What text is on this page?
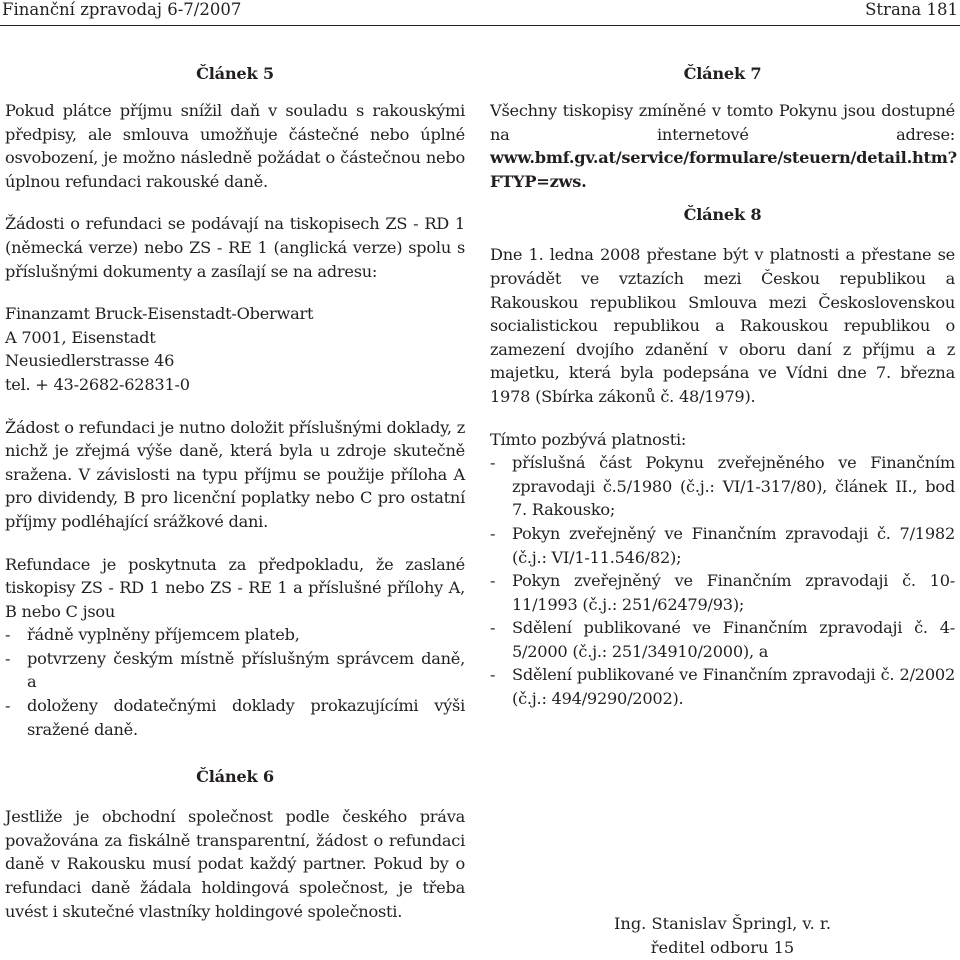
Finanční zpravodaj 6-7/2007	Strana 181
Článek 5

Pokud plátce příjmu snížil daň v souladu s rakouskými předpisy, ale smlouva umožňuje částečné nebo úplné osvobození, je možno následně požádat o částečnou nebo úplnou refundaci rakouské daně.

Žádosti o refundaci se podávají na tiskopisech ZS - RD 1 (německá verze) nebo ZS - RE 1 (anglická verze) spolu s příslušnými dokumenty a zasílají se na adresu:

Finanzamt Bruck-Eisenstadt-Oberwart
A 7001, Eisenstadt
Neusiedlerstrasse 46
tel. + 43-2682-62831-0

Žádost o refundaci je nutno doložit příslušnými doklady, z nichž je zřejmá výše daně, která byla u zdroje skutečně sražena. V závislosti na typu příjmu se použije příloha A pro dividendy, B pro licenční poplatky nebo C pro ostatní příjmy podléhající srážkové dani.

Refundace je poskytnuta za předpokladu, že zaslané tiskopisy ZS - RD 1 nebo ZS - RE 1 a příslušné přílohy A, B nebo C jsou

-	řádně vyplněny příjemcem plateb,
-	potvrzeny českým místně příslušným správcem daně, a
-	doloženy dodatečnými doklady prokazujícími výši sražené daně.
Článek 6

Jestliže je obchodní společnost podle českého práva považována za fiskálně transparentní, žádost o refundaci daně v Rakousku musí podat každý partner. Pokud by o refundaci daně žádala holdingová společnost, je třeba uvést i skutečné vlastníky holdingové společnosti.

Článek 7

Všechny tiskopisy zmíněné v tomto Pokynu jsou dostupné na internetové adrese: www.bmf.gv.at/service/formulare/steuern/detail.htm?FTYP=zws.

Článek 8

Dne 1. ledna 2008 přestane být v platnosti a přestane se provádět ve vztazích mezi Českou republikou a Rakouskou republikou Smlouva mezi Československou socialistickou republikou a Rakouskou republikou o zamezení dvojího zdanění v oboru daní z příjmu a z majetku, která byla podepsána ve Vídni dne 7. března 1978 (Sbírka zákonů č. 48/1979).

Tímto pozbývá platnosti:

-	příslušná část Pokynu zveřejněného ve Finančním zpravodaji č.5/1980 (č.j.: VI/1-317/80), článek II., bod 7. Rakousko;
-	Pokyn zveřejněný ve Finančním zpravodaji č. 7/1982 (č.j.: VI/1-11.546/82);
-	Pokyn zveřejněný ve Finančním zpravodaji č. 10-11/1993 (č.j.: 251/62479/93);
-	Sdělení publikované ve Finančním zpravodaji č. 4-5/2000 (č.j.: 251/34910/2000), a
-	Sdělení publikované ve Finančním zpravodaji č. 2/2002 (č.j.: 494/9290/2002).
Ing. Stanislav Špringl, v. r.
ředitel odboru 15
